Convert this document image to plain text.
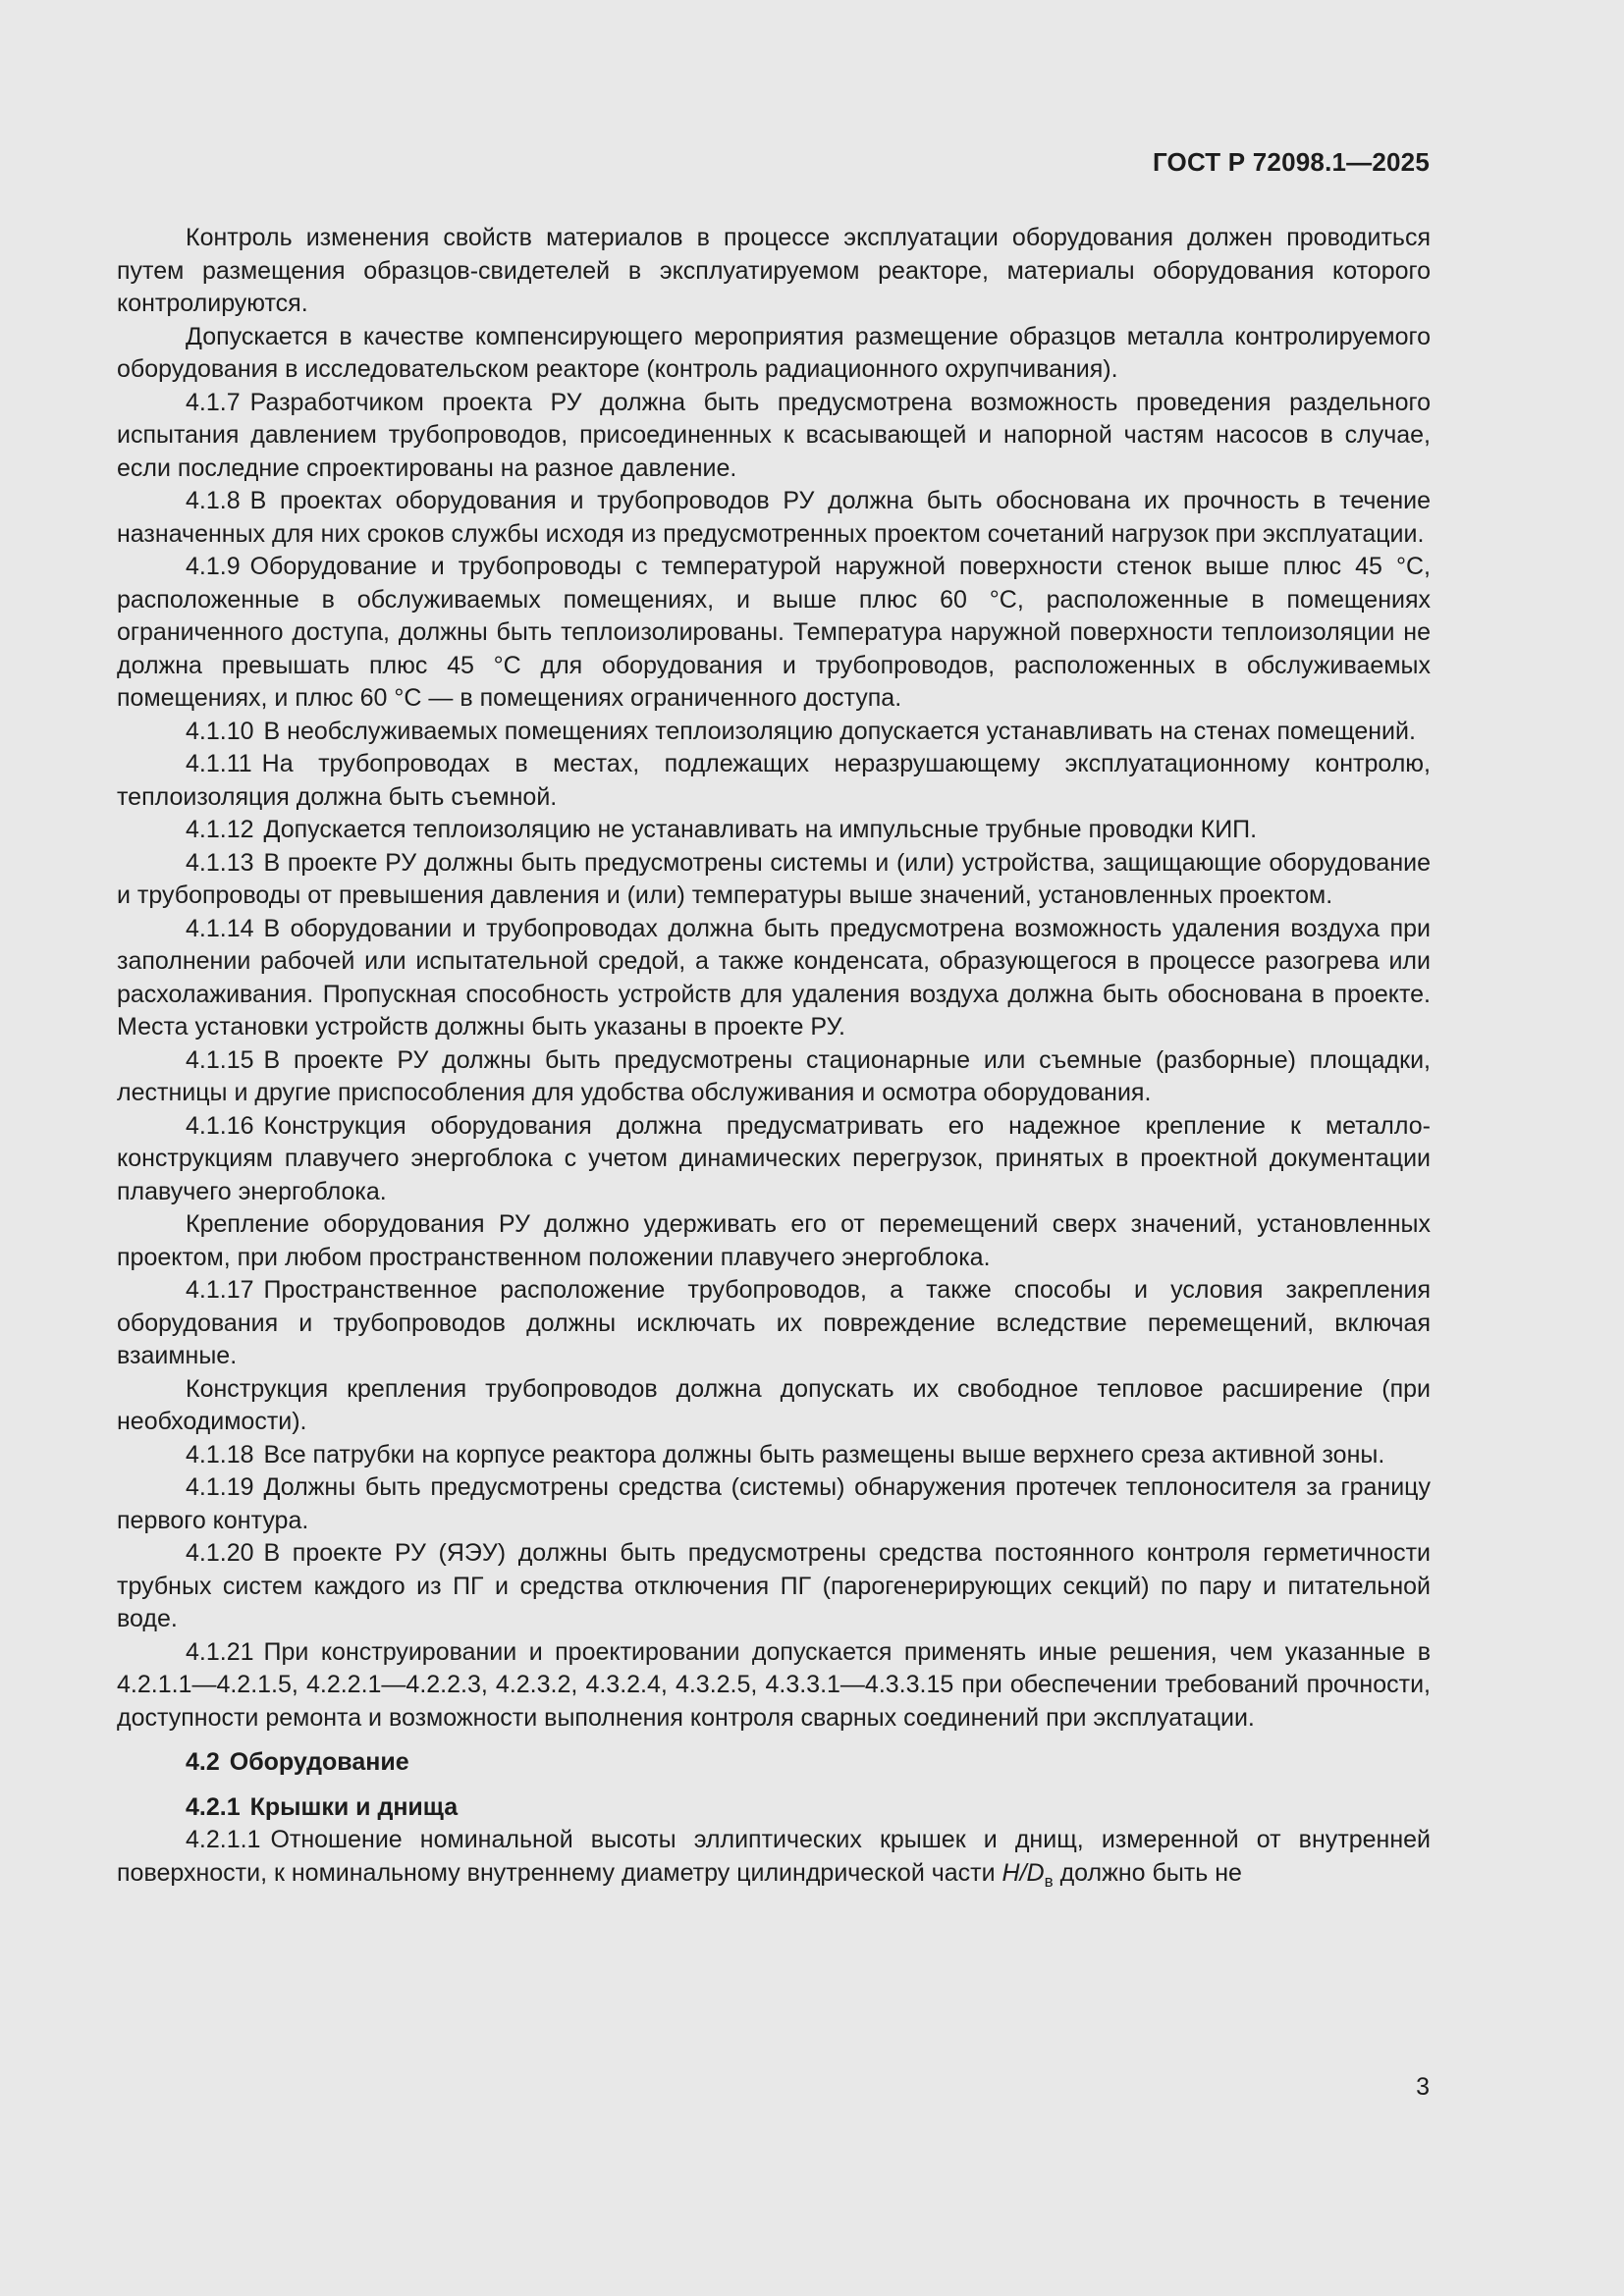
ГОСТ Р 72098.1—2025

Контроль изменения свойств материалов в процессе эксплуатации оборудования должен проводиться путем размещения образцов-свидетелей в эксплуатируемом реакторе, материалы оборудования которого контролируются.

Допускается в качестве компенсирующего мероприятия размещение образцов металла контролируемого оборудования в исследовательском реакторе (контроль радиационного охрупчивания).

4.1.7 Разработчиком проекта РУ должна быть предусмотрена возможность проведения раздельного испытания давлением трубопроводов, присоединенных к всасывающей и напорной частям насосов в случае, если последние спроектированы на разное давление.

4.1.8 В проектах оборудования и трубопроводов РУ должна быть обоснована их прочность в течение назначенных для них сроков службы исходя из предусмотренных проектом сочетаний нагрузок при эксплуатации.

4.1.9 Оборудование и трубопроводы с температурой наружной поверхности стенок выше плюс 45 °С, расположенные в обслуживаемых помещениях, и выше плюс 60 °С, расположенные в помещениях ограниченного доступа, должны быть теплоизолированы. Температура наружной поверхности теплоизоляции не должна превышать плюс 45 °С для оборудования и трубопроводов, расположенных в обслуживаемых помещениях, и плюс 60 °С — в помещениях ограниченного доступа.

4.1.10 В необслуживаемых помещениях теплоизоляцию допускается устанавливать на стенах помещений.

4.1.11 На трубопроводах в местах, подлежащих неразрушающему эксплуатационному контролю, теплоизоляция должна быть съемной.

4.1.12 Допускается теплоизоляцию не устанавливать на импульсные трубные проводки КИП.

4.1.13 В проекте РУ должны быть предусмотрены системы и (или) устройства, защищающие оборудование и трубопроводы от превышения давления и (или) температуры выше значений, установленных проектом.

4.1.14 В оборудовании и трубопроводах должна быть предусмотрена возможность удаления воздуха при заполнении рабочей или испытательной средой, а также конденсата, образующегося в процессе разогрева или расхолаживания. Пропускная способность устройств для удаления воздуха должна быть обоснована в проекте. Места установки устройств должны быть указаны в проекте РУ.

4.1.15 В проекте РУ должны быть предусмотрены стационарные или съемные (разборные) площадки, лестницы и другие приспособления для удобства обслуживания и осмотра оборудования.

4.1.16 Конструкция оборудования должна предусматривать его надежное крепление к металлоконструкциям плавучего энергоблока с учетом динамических перегрузок, принятых в проектной документации плавучего энергоблока.

Крепление оборудования РУ должно удерживать его от перемещений сверх значений, установленных проектом, при любом пространственном положении плавучего энергоблока.

4.1.17 Пространственное расположение трубопроводов, а также способы и условия закрепления оборудования и трубопроводов должны исключать их повреждение вследствие перемещений, включая взаимные.

Конструкция крепления трубопроводов должна допускать их свободное тепловое расширение (при необходимости).

4.1.18 Все патрубки на корпусе реактора должны быть размещены выше верхнего среза активной зоны.

4.1.19 Должны быть предусмотрены средства (системы) обнаружения протечек теплоносителя за границу первого контура.

4.1.20 В проекте РУ (ЯЭУ) должны быть предусмотрены средства постоянного контроля герметичности трубных систем каждого из ПГ и средства отключения ПГ (парогенерирующих секций) по пару и питательной воде.

4.1.21 При конструировании и проектировании допускается применять иные решения, чем указанные в 4.2.1.1—4.2.1.5, 4.2.2.1—4.2.2.3, 4.2.3.2, 4.3.2.4, 4.3.2.5, 4.3.3.1—4.3.3.15 при обеспечении требований прочности, доступности ремонта и возможности выполнения контроля сварных соединений при эксплуатации.

4.2 Оборудование

4.2.1 Крышки и днища

4.2.1.1 Отношение номинальной высоты эллиптических крышек и днищ, измеренной от внутренней поверхности, к номинальному внутреннему диаметру цилиндрической части $H/D_в$ должно быть не

3
